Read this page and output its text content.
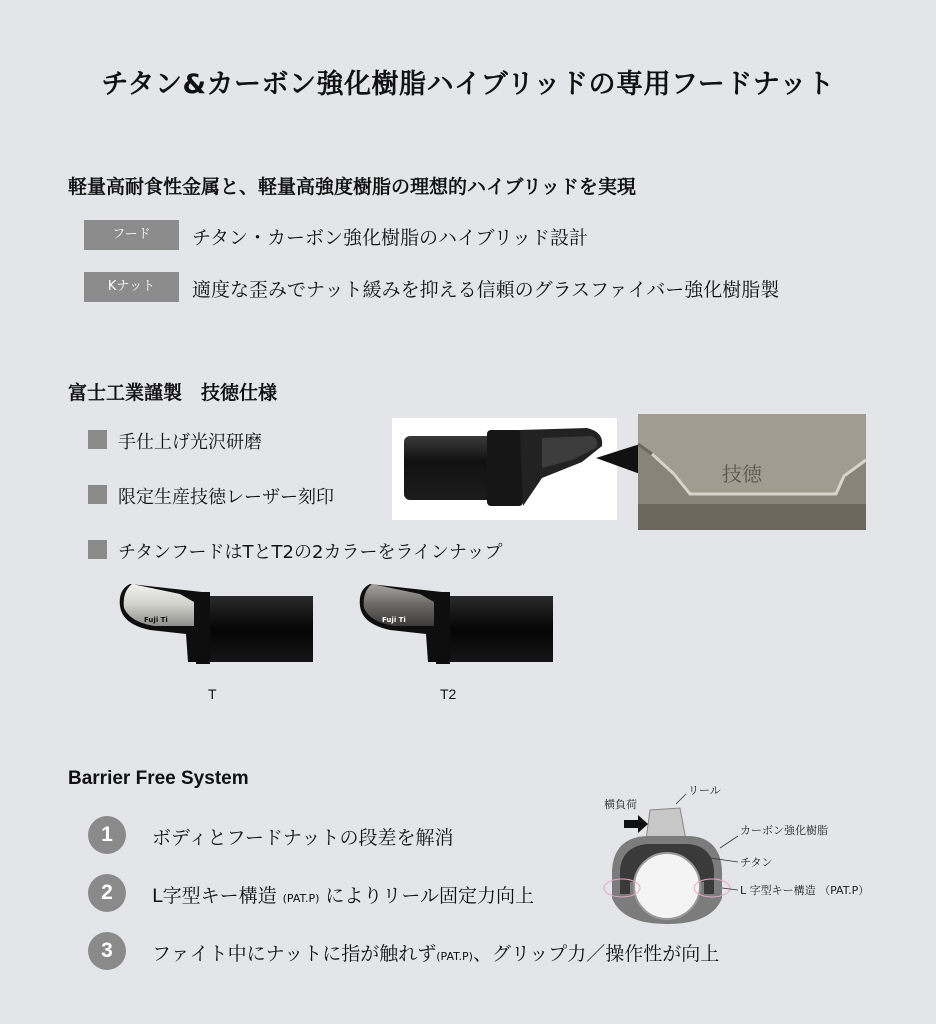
チタン&カーボン強化樹脂ハイブリッドの専用フードナット
軽量高耐食性金属と、軽量高強度樹脂の理想的ハイブリッドを実現
フード	チタン・カーボン強化樹脂のハイブリッド設計
Kナット	適度な歪みでナット緩みを抑える信頼のグラスファイバー強化樹脂製
富士工業謹製　技徳仕様
手仕上げ光沢研磨
限定生産技徳レーザー刻印
チタンフードはTとT2の2カラーをラインナップ
技徳
Fuji Ti	Fuji Ti
T	T2
Barrier Free System
1	ボディとフードナットの段差を解消
2	L字型キー構造 (PAT.P) によりリール固定力向上
3	ファイト中にナットに指が触れず(PAT.P)、グリップ力／操作性が向上
横負荷
リール
カーボン強化樹脂
チタン
L 字型キー構造 （PAT.P）
